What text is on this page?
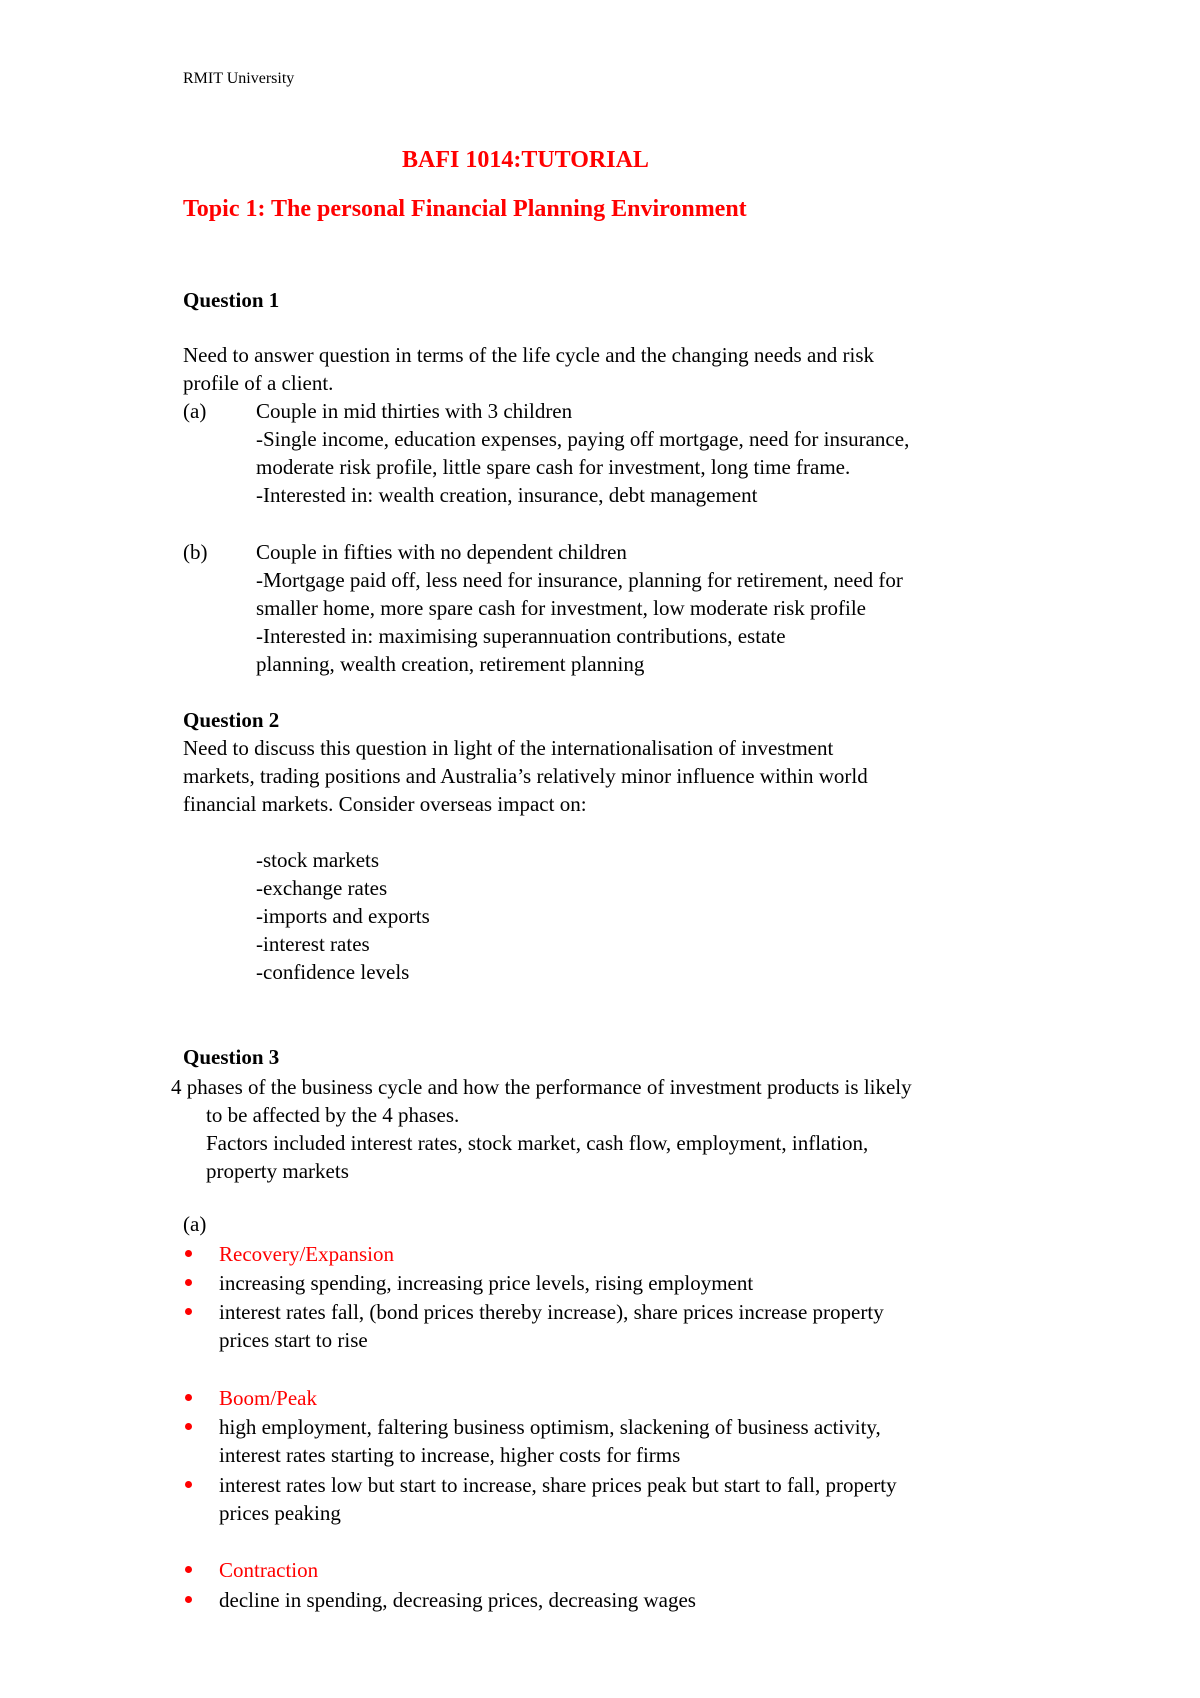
RMIT University
BAFI 1014:TUTORIAL
Topic 1: The personal Financial Planning Environment
Question 1
Need to answer question in terms of the life cycle and the changing needs and risk
profile of a client.
(a) Couple in mid thirties with 3 children
-Single income, education expenses, paying off mortgage, need for insurance,
moderate risk profile, little spare cash for investment, long time frame.
-Interested in: wealth creation, insurance, debt management
(b) Couple in fifties with no dependent children
-Mortgage paid off, less need for insurance, planning for retirement, need for
smaller home, more spare cash for investment, low moderate risk profile
-Interested in: maximising superannuation contributions, estate
planning, wealth creation, retirement planning
Question 2
Need to discuss this question in light of the internationalisation of investment
markets, trading positions and Australia’s relatively minor influence within world
financial markets. Consider overseas impact on:
-stock markets
-exchange rates
-imports and exports
-interest rates
-confidence levels
Question 3
4 phases of the business cycle and how the performance of investment products is likely
to be affected by the 4 phases.
Factors included interest rates, stock market, cash flow, employment, inflation,
property markets
(a)
Recovery/Expansion
increasing spending, increasing price levels, rising employment
interest rates fall, (bond prices thereby increase), share prices increase property
prices start to rise
Boom/Peak
high employment, faltering business optimism, slackening of business activity,
interest rates starting to increase, higher costs for firms
interest rates low but start to increase, share prices peak but start to fall, property
prices peaking
Contraction
decline in spending, decreasing prices, decreasing wages
